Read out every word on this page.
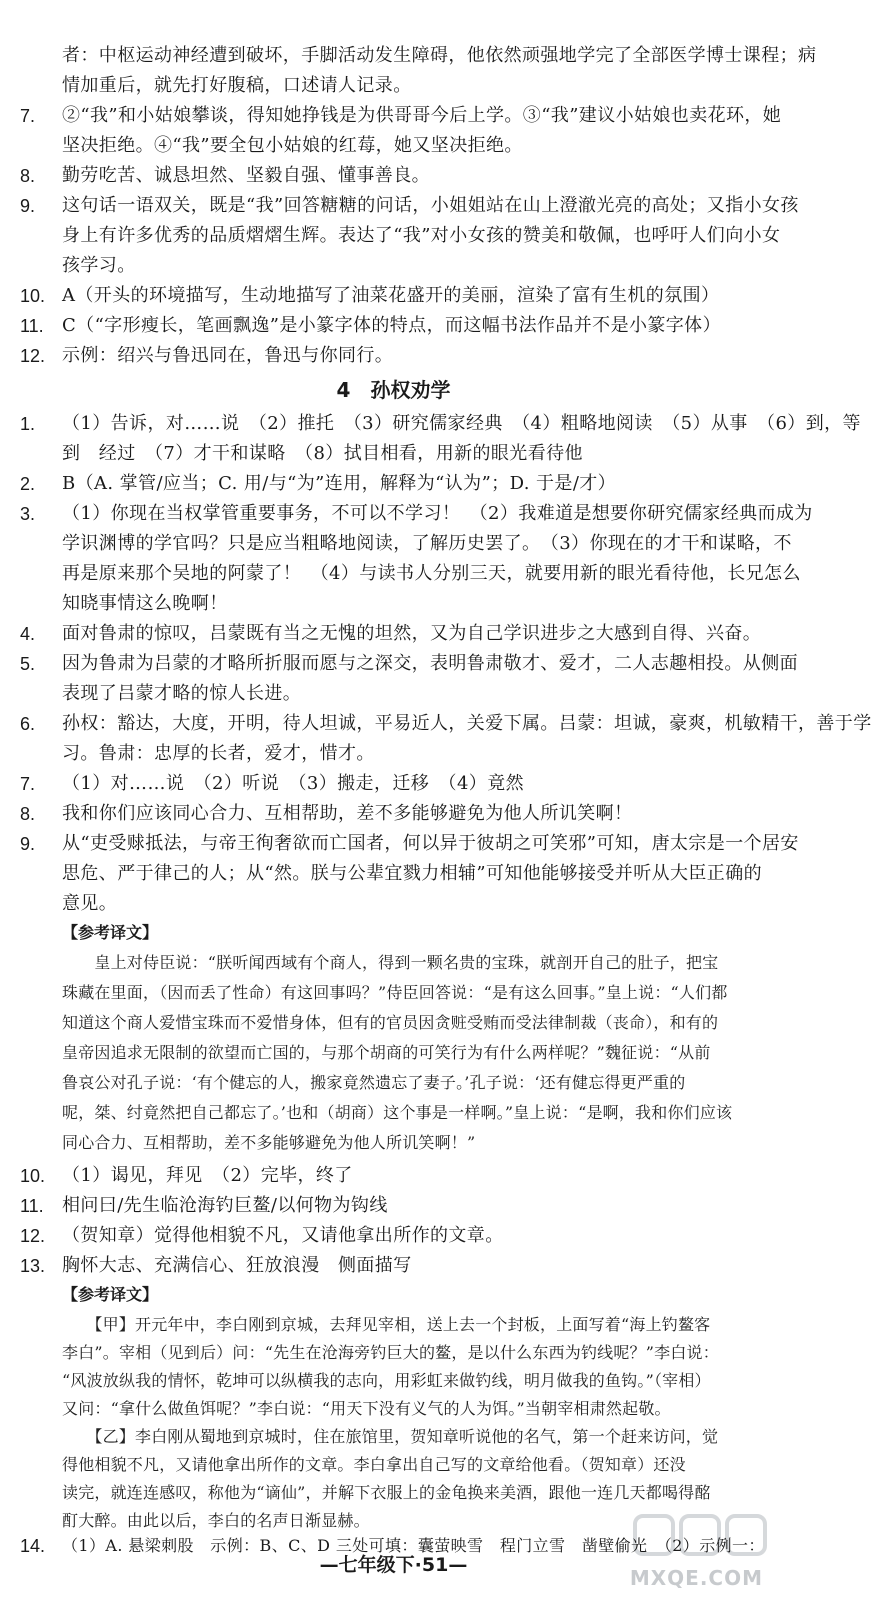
者：中枢运动神经遭到破坏，手脚活动发生障碍，他依然顽强地学完了全部医学博士课程；病
情加重后，就先打好腹稿，口述请人记录。
7. ②“我”和小姑娘攀谈，得知她挣钱是为供哥哥今后上学。③“我”建议小姑娘也卖花环，她
坚决拒绝。④“我”要全包小姑娘的红莓，她又坚决拒绝。
8. 勤劳吃苦、诚恳坦然、坚毅自强、懂事善良。
9. 这句话一语双关，既是“我”回答糖糖的问话，小姐姐站在山上澄澈光亮的高处；又指小女孩
身上有许多优秀的品质熠熠生辉。表达了“我”对小女孩的赞美和敬佩，也呼吁人们向小女
孩学习。
10. A（开头的环境描写，生动地描写了油菜花盛开的美丽，渲染了富有生机的氛围）
11. C（“字形瘦长，笔画飘逸”是小篆字体的特点，而这幅书法作品并不是小篆字体）
12. 示例：绍兴与鲁迅同在，鲁迅与你同行。
4　孙权劝学
1. （1）告诉，对……说　（2）推托　（3）研究儒家经典　（4）粗略地阅读　（5）从事　（6）到，等
到　经过　（7）才干和谋略　（8）拭目相看，用新的眼光看待他
2. B（A. 掌管/应当；C. 用/与“为”连用，解释为“认为”；D. 于是/才）
3. （1）你现在当权掌管重要事务，不可以不学习！　（2）我难道是想要你研究儒家经典而成为
学识渊博的学官吗？只是应当粗略地阅读，了解历史罢了。　（3）你现在的才干和谋略，不
再是原来那个吴地的阿蒙了！　（4）与读书人分别三天，就要用新的眼光看待他，长兄怎么
知晓事情这么晚啊！
4. 面对鲁肃的惊叹，吕蒙既有当之无愧的坦然，又为自己学识进步之大感到自得、兴奋。
5. 因为鲁肃为吕蒙的才略所折服而愿与之深交，表明鲁肃敬才、爱才，二人志趣相投。从侧面
表现了吕蒙才略的惊人长进。
6. 孙权：豁达，大度，开明，待人坦诚，平易近人，关爱下属。吕蒙：坦诚，豪爽，机敏精干，善于学
习。鲁肃：忠厚的长者，爱才，惜才。
7. （1）对……说　（2）听说　（3）搬走，迁移　（4）竟然
8. 我和你们应该同心合力、互相帮助，差不多能够避免为他人所讥笑啊！
9. 从“吏受赇抵法，与帝王徇奢欲而亡国者，何以异于彼胡之可笑邪”可知，唐太宗是一个居安
思危、严于律己的人；从“然。朕与公辈宜戮力相辅”可知他能够接受并听从大臣正确的
意见。
【参考译文】
　　皇上对侍臣说：“朕听闻西域有个商人，得到一颗名贵的宝珠，就剖开自己的肚子，把宝
珠藏在里面，（因而丢了性命）有这回事吗？”侍臣回答说：“是有这么回事。”皇上说：“人们都
知道这个商人爱惜宝珠而不爱惜身体，但有的官员因贪赃受贿而受法律制裁（丧命），和有的
皇帝因追求无限制的欲望而亡国的，与那个胡商的可笑行为有什么两样呢？”魏征说：“从前
鲁哀公对孔子说：‘有个健忘的人，搬家竟然遗忘了妻子。’孔子说：‘还有健忘得更严重的
呢，桀、纣竟然把自己都忘了。’也和（胡商）这个事是一样啊。”皇上说：“是啊，我和你们应该
同心合力、互相帮助，差不多能够避免为他人所讥笑啊！”
10. （1）谒见，拜见　（2）完毕，终了
11. 相问曰/先生临沧海钓巨鳌/以何物为钩线
12. （贺知章）觉得他相貌不凡，又请他拿出所作的文章。
13. 胸怀大志、充满信心、狂放浪漫　侧面描写
【参考译文】
　　【甲】开元年中，李白刚到京城，去拜见宰相，送上去一个封板，上面写着“海上钓鳌客
李白”。宰相（见到后）问：“先生在沧海旁钓巨大的鳌，是以什么东西为钓线呢？”李白说：
“风波放纵我的情怀，乾坤可以纵横我的志向，用彩虹来做钓线，明月做我的鱼钩。”（宰相）
又问：“拿什么做鱼饵呢？”李白说：“用天下没有义气的人为饵。”当朝宰相肃然起敬。
　　【乙】李白刚从蜀地到京城时，住在旅馆里，贺知章听说他的名气，第一个赶来访问，觉
得他相貌不凡，又请他拿出所作的文章。李白拿出自己写的文章给他看。（贺知章）还没
读完，就连连感叹，称他为“谪仙”，并解下衣服上的金龟换来美酒，跟他一连几天都喝得酩
酊大醉。由此以后，李白的名声日渐显赫。
—七年级下·51—
MXQE.COM
14. （1）A. 悬梁刺股　示例：B、C、D 三处可填：囊萤映雪　程门立雪　凿壁偷光　（2）示例一：
